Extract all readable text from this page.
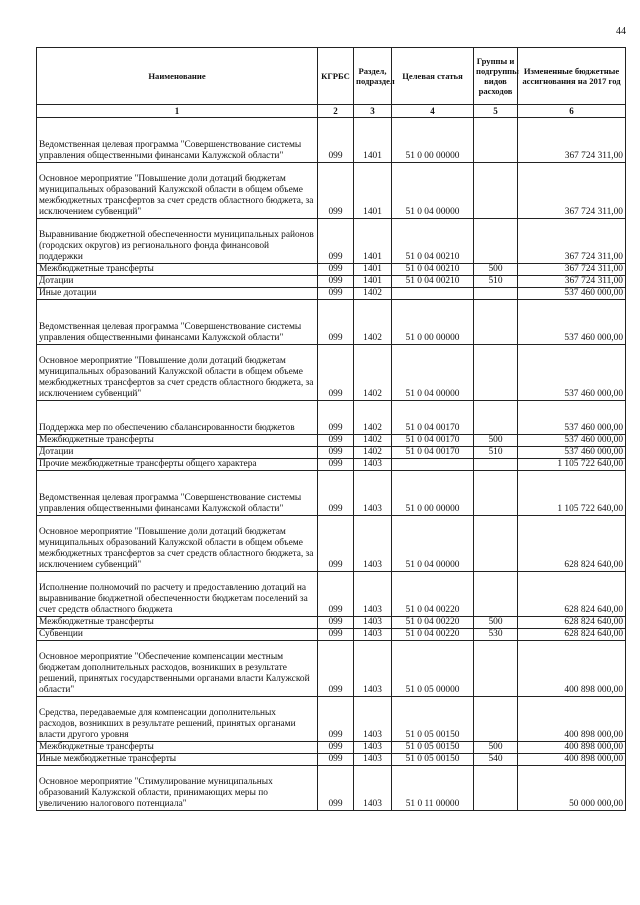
44
Наименование	КГРБС	Раздел, подраздел	Целевая статья	Группы и подгруппы видов расходов	Измененные бюджетные ассигнования на 2017 год
1	2	3	4	5	6
Ведомственная целевая программа "Совершенствование системы управления общественными финансами Калужской области"	099	1401	51 0 00 00000		367 724 311,00
Основное мероприятие "Повышение доли дотаций бюджетам муниципальных образований Калужской области в общем объеме межбюджетных трансфертов за счет средств областного бюджета, за исключением субвенций"	099	1401	51 0 04 00000		367 724 311,00
Выравнивание бюджетной обеспеченности муниципальных районов (городских округов) из регионального фонда финансовой поддержки	099	1401	51 0 04 00210		367 724 311,00
Межбюджетные трансферты	099	1401	51 0 04 00210	500	367 724 311,00
Дотации	099	1401	51 0 04 00210	510	367 724 311,00
Иные дотации	099	1402			537 460 000,00
Ведомственная целевая программа "Совершенствование системы управления общественными финансами Калужской области"	099	1402	51 0 00 00000		537 460 000,00
Основное мероприятие "Повышение доли дотаций бюджетам муниципальных образований Калужской области в общем объеме межбюджетных трансфертов за счет средств областного бюджета, за исключением субвенций"	099	1402	51 0 04 00000		537 460 000,00
Поддержка мер по обеспечению сбалансированности бюджетов	099	1402	51 0 04 00170		537 460 000,00
Межбюджетные трансферты	099	1402	51 0 04 00170	500	537 460 000,00
Дотации	099	1402	51 0 04 00170	510	537 460 000,00
Прочие межбюджетные трансферты общего характера	099	1403			1 105 722 640,00
Ведомственная целевая программа "Совершенствование системы управления общественными финансами Калужской области"	099	1403	51 0 00 00000		1 105 722 640,00
Основное мероприятие "Повышение доли дотаций бюджетам муниципальных образований Калужской области в общем объеме межбюджетных трансфертов за счет средств областного бюджета, за исключением субвенций"	099	1403	51 0 04 00000		628 824 640,00
Исполнение полномочий по расчету и предоставлению дотаций на выравнивание бюджетной обеспеченности бюджетам поселений за счет средств областного бюджета	099	1403	51 0 04 00220		628 824 640,00
Межбюджетные трансферты	099	1403	51 0 04 00220	500	628 824 640,00
Субвенции	099	1403	51 0 04 00220	530	628 824 640,00
Основное мероприятие "Обеспечение компенсации местным бюджетам дополнительных расходов, возникших в результате решений, принятых государственными органами власти Калужской области"	099	1403	51 0 05 00000		400 898 000,00
Средства, передаваемые для компенсации дополнительных расходов, возникших в результате решений, принятых органами власти другого уровня	099	1403	51 0 05 00150		400 898 000,00
Межбюджетные трансферты	099	1403	51 0 05 00150	500	400 898 000,00
Иные межбюджетные трансферты	099	1403	51 0 05 00150	540	400 898 000,00
Основное мероприятие "Стимулирование муниципальных образований Калужской области, принимающих меры по увеличению налогового потенциала"	099	1403	51 0 11 00000		50 000 000,00
